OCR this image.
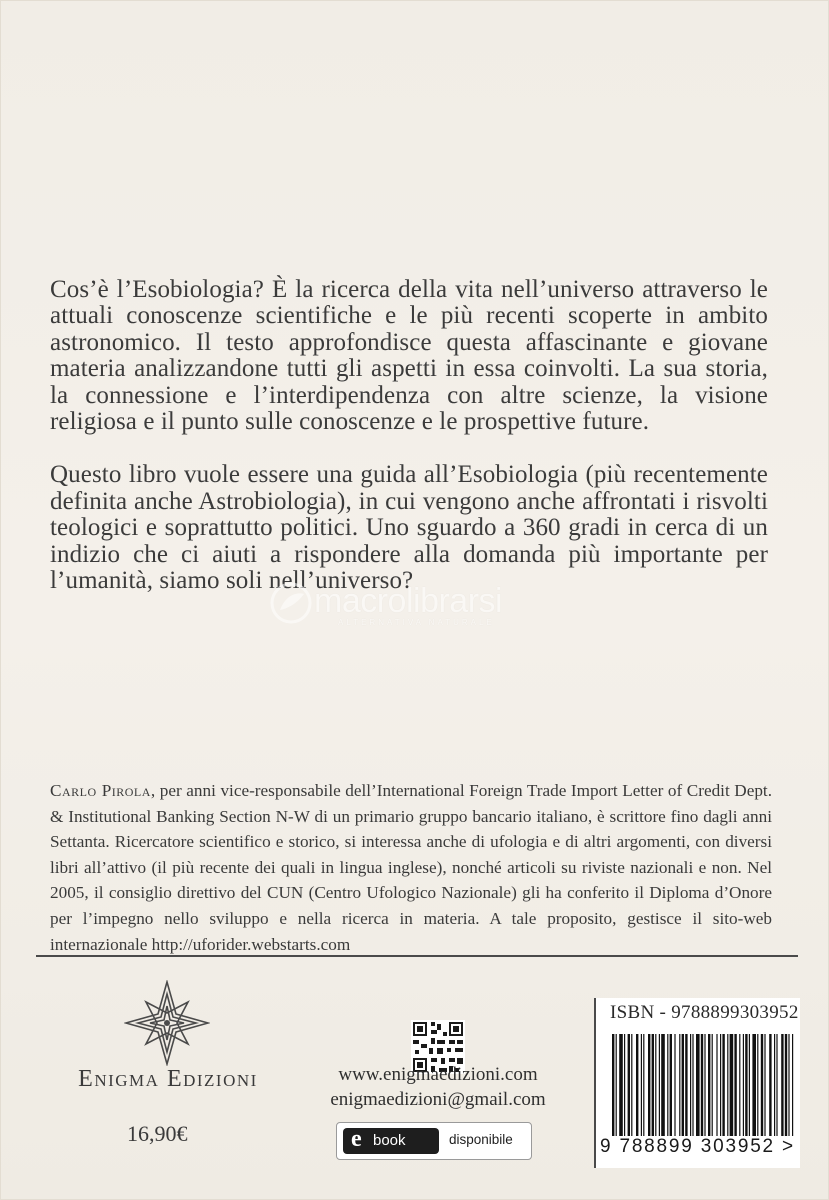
Cos’è l’Esobiologia? È la ricerca della vita nell’universo attraverso le attuali conoscenze scientifiche e le più recenti scoperte in ambito astronomico. Il testo approfondisce questa affascinante e giovane materia analizzandone tutti gli aspetti in essa coinvolti. La sua storia, la connessione e l’interdipendenza con altre scienze, la visione religiosa e il punto sulle conoscenze e le prospettive future.

Questo libro vuole essere una guida all’Esobiologia (più recentemente definita anche Astrobiologia), in cui vengono anche affrontati i risvolti teologici e soprattutto politici. Uno sguardo a 360 gradi in cerca di un indizio che ci aiuti a rispondere alla domanda più importante per l’umanità, siamo soli nell’universo?

macrolibrarsi
ALTERNATIVA NATURALE
Carlo Pirola, per anni vice-responsabile dell’International Foreign Trade Import Letter of Credit Dept. & Institutional Banking Section N-W di un primario gruppo bancario italiano, è scrittore fino dagli anni Settanta. Ricercatore scientifico e storico, si interessa anche di ufologia e di altri argomenti, con diversi libri all’attivo (il più recente dei quali in lingua inglese), nonché articoli su riviste nazionali e non. Nel 2005, il consiglio direttivo del CUN (Centro Ufologico Nazionale) gli ha conferito il Diploma d’Onore per l’impegno nello sviluppo e nella ricerca in materia. A tale proposito, gestisce il sito-web internazionale http://uforider.webstarts.com
Enigma Edizioni
16,90€
www.enigmaedizioni.com
enigmaedizioni@gmail.com
e book	disponibile
ISBN - 9788899303952
9 788899 303952 >
